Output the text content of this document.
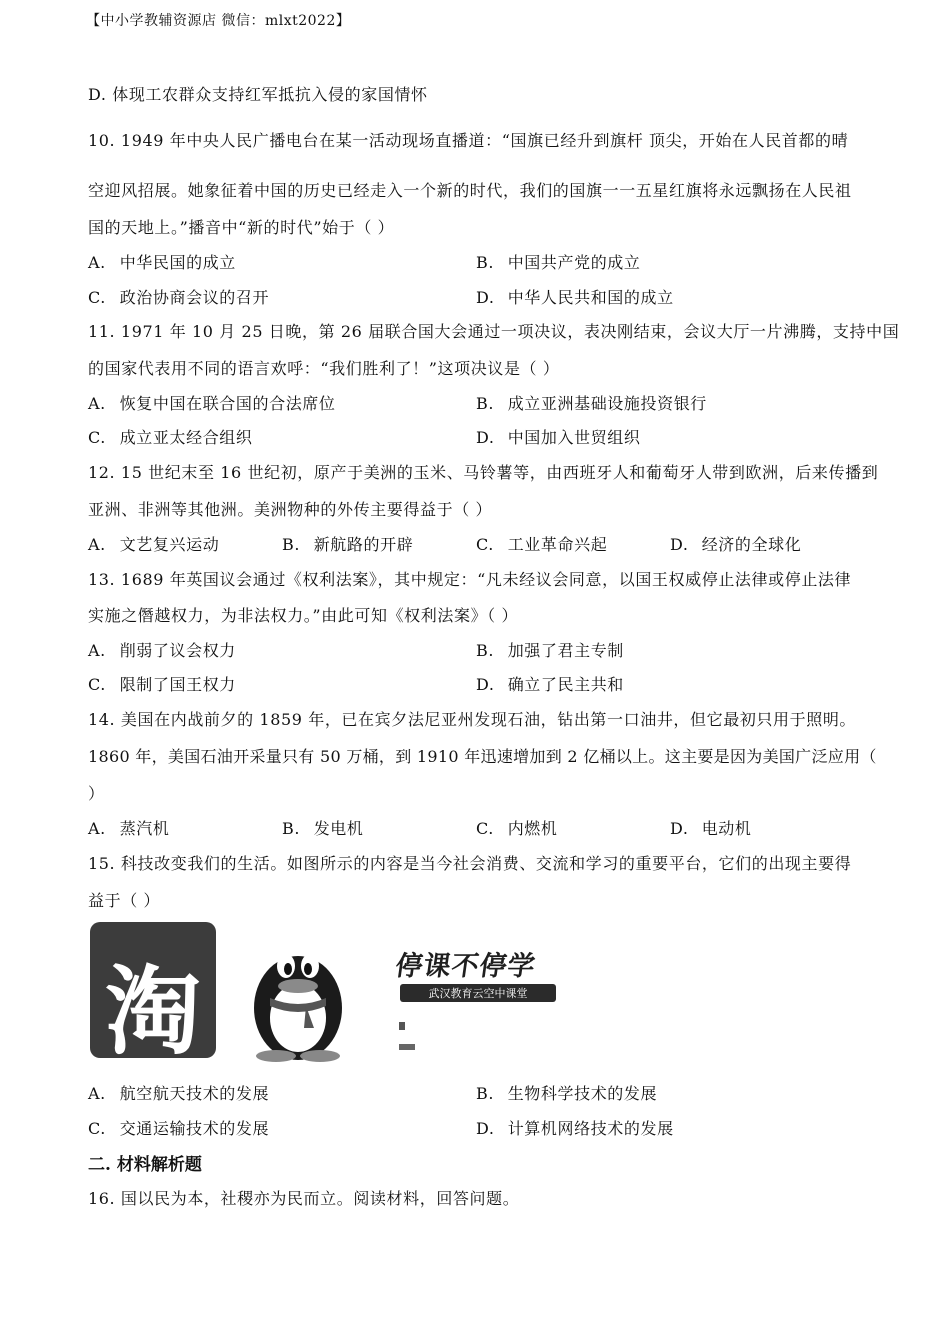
【中小学教辅资源店 微信：mlxt2022】
D. 体现工农群众支持红军抵抗入侵的家国情怀
10. 1949 年中央人民广播电台在某一活动现场直播道：“国旗已经升到旗杆 顶尖，开始在人民首都的晴
空迎风招展。她象征着中国的历史已经走入一个新的时代，我们的国旗一一五星红旗将永远飘扬在人民祖
国的天地上。”播音中“新的时代”始于（ ）
A. 中华民国的成立	B. 中国共产党的成立
C. 政治协商会议的召开	D. 中华人民共和国的成立
11. 1971 年 10 月 25 日晚，第 26 届联合国大会通过一项决议，表决刚结束，会议大厅一片沸腾，支持中国
的国家代表用不同的语言欢呼：“我们胜利了！”这项决议是（ ）
A. 恢复中国在联合国的合法席位	B. 成立亚洲基础设施投资银行
C. 成立亚太经合组织	D. 中国加入世贸组织
12. 15 世纪末至 16 世纪初，原产于美洲的玉米、马铃薯等，由西班牙人和葡萄牙人带到欧洲，后来传播到
亚洲、非洲等其他洲。美洲物种的外传主要得益于（ ）
A. 文艺复兴运动	B. 新航路的开辟	C. 工业革命兴起	D. 经济的全球化
13. 1689 年英国议会通过《权利法案》，其中规定：“凡未经议会同意，以国王权威停止法律或停止法律
实施之僭越权力，为非法权力。”由此可知《权利法案》（ ）
A. 削弱了议会权力	B. 加强了君主专制
C. 限制了国王权力	D. 确立了民主共和
14. 美国在内战前夕的 1859 年，已在宾夕法尼亚州发现石油，钻出第一口油井，但它最初只用于照明。
1860 年，美国石油开采量只有 50 万桶，到 1910 年迅速增加到 2 亿桶以上。这主要是因为美国广泛应用（
）
A. 蒸汽机	B. 发电机	C. 内燃机	D. 电动机
15. 科技改变我们的生活。如图所示的内容是当今社会消费、交流和学习的重要平台，它们的出现主要得
益于（ ）
淘	停课不停学
武汉教育云空中课堂
A. 航空航天技术的发展	B. 生物科学技术的发展
C. 交通运输技术的发展	D. 计算机网络技术的发展
二. 材料解析题
16. 国以民为本，社稷亦为民而立。阅读材料，回答问题。
